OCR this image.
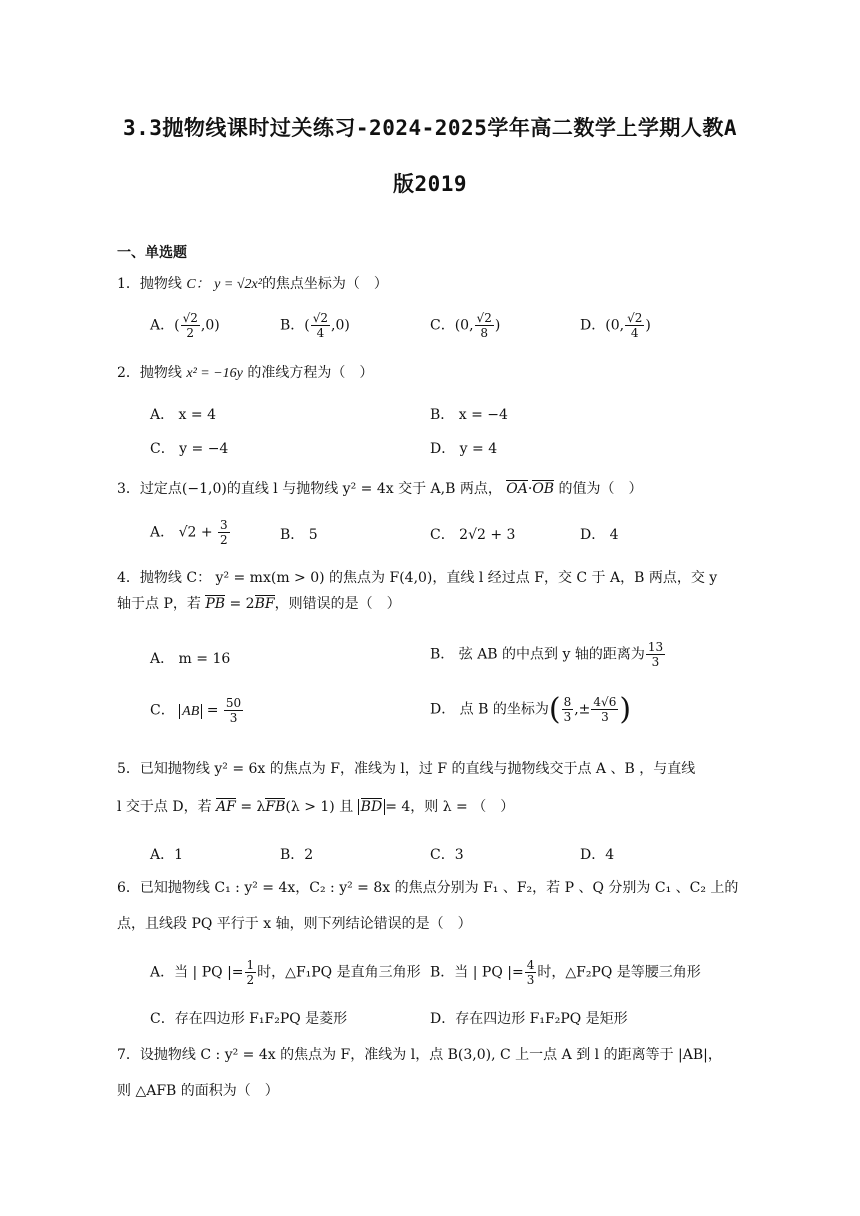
3.3抛物线课时过关练习-2024-2025学年高二数学上学期人教A
版2019
一、单选题
1．抛物线 C： y = √2x²的焦点坐标为（　）
A．( $\frac{√2}{2} ,0$)	B．( $\frac{√2}{4} ,0$)	C．(0, $\frac{√2}{8}$ )	D．(0, $\frac{√2}{4}$ )
2．抛物线 x² = −16y 的准线方程为（　）
A． x = 4	B． x = −4
C． y = −4	D． y = 4
3．过定点(−1,0)的直线 l 与抛物线 y² = 4x 交于 A,B 两点， OA·OB 的值为（　）
A． $√2 + \frac{3}{2}$	B． 5	C． 2√2 + 3	D． 4
4．抛物线 C： y² = mx(m > 0) 的焦点为 F(4,0)，直线 l 经过点 F，交 C 于 A，B 两点，交 y
轴于点 P，若 PB = 2BF，则错误的是（　）
A． m = 16	B． 弦 AB 的中点到 y 轴的距离为 $\frac{13}{3}$
C． AB = $\frac{50}{3}$	D． 点 B 的坐标为( $\frac{8}{3}$ ,± $\frac{4√6}{3}$ )
5．已知抛物线 y² = 6x 的焦点为 F，准线为 l，过 F 的直线与抛物线交于点 A 、B ，与直线
l 交于点 D，若 AF = λFB(λ > 1) 且 BD = 4，则 λ = （　）
A．1	B．2	C．3	D．4
6．已知抛物线 C₁ : y² = 4x，C₂ : y² = 8x 的焦点分别为 F₁ 、F₂，若 P 、Q 分别为 C₁ 、C₂ 上的
点，且线段 PQ 平行于 x 轴，则下列结论错误的是（　）
A．当 | PQ |= $\frac{1}{2}$ 时，△F₁PQ 是直角三角形 B．当 | PQ |= $\frac{4}{3}$ 时，△F₂PQ 是等腰三角形
C．存在四边形 F₁F₂PQ 是菱形	D．存在四边形 F₁F₂PQ 是矩形
7．设抛物线 C : y² = 4x 的焦点为 F，准线为 l，点 B(3,0), C 上一点 A 到 l 的距离等于 |AB|，
则 △AFB 的面积为（　）
